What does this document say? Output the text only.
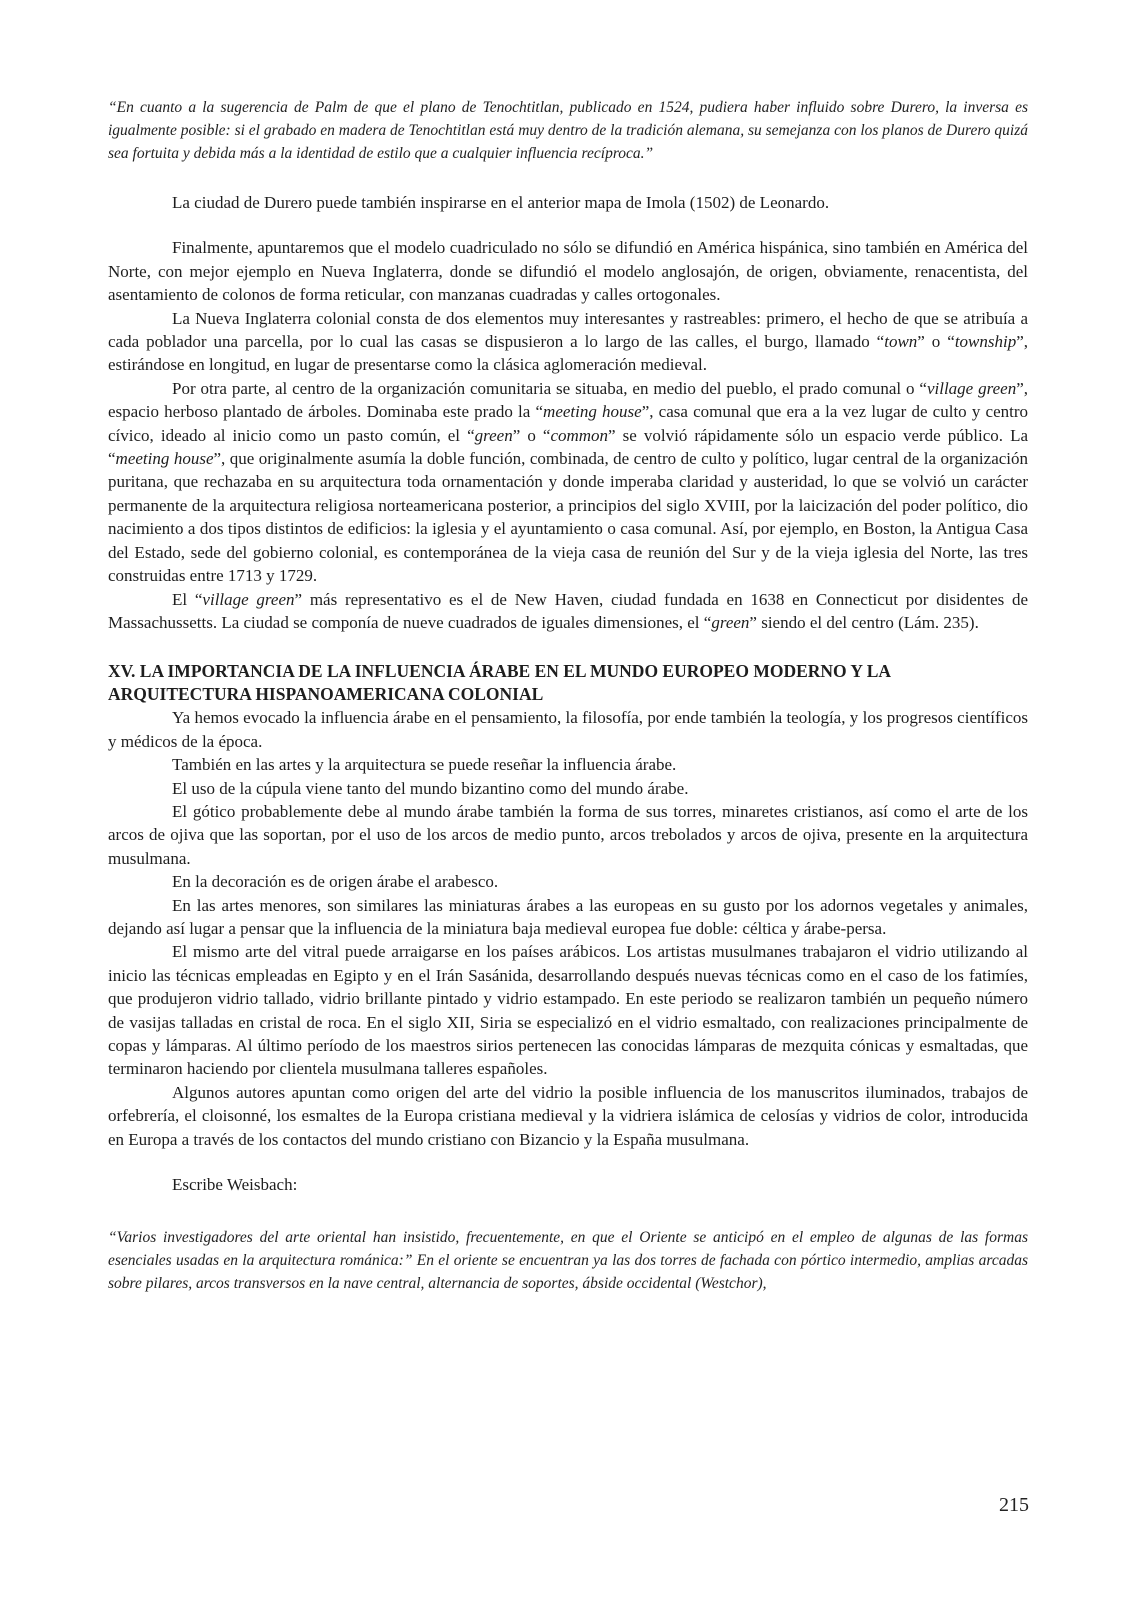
“En cuanto a la sugerencia de Palm de que el plano de Tenochtitlan, publicado en 1524, pudiera haber influido sobre Durero, la inversa es igualmente posible: si el grabado en madera de Tenochtitlan está muy dentro de la tradición alemana, su semejanza con los planos de Durero quizá sea fortuita y debida más a la identidad de estilo que a cualquier influencia recíproca.”

La ciudad de Durero puede también inspirarse en el anterior mapa de Imola (1502) de Leonardo.

Finalmente, apuntaremos que el modelo cuadriculado no sólo se difundió en América hispánica, sino también en América del Norte, con mejor ejemplo en Nueva Inglaterra, donde se difundió el modelo anglosajón, de origen, obviamente, renacentista, del asentamiento de colonos de forma reticular, con manzanas cuadradas y calles ortogonales.

La Nueva Inglaterra colonial consta de dos elementos muy interesantes y rastreables: primero, el hecho de que se atribuía a cada poblador una parcella, por lo cual las casas se dispusieron a lo largo de las calles, el burgo, llamado “town” o “township”, estirándose en longitud, en lugar de presentarse como la clásica aglomeración medieval.

Por otra parte, al centro de la organización comunitaria se situaba, en medio del pueblo, el prado comunal o “village green”, espacio herboso plantado de árboles. Dominaba este prado la “meeting house”, casa comunal que era a la vez lugar de culto y centro cívico, ideado al inicio como un pasto común, el “green” o “common” se volvió rápidamente sólo un espacio verde público. La “meeting house”, que originalmente asumía la doble función, combinada, de centro de culto y político, lugar central de la organización puritana, que rechazaba en su arquitectura toda ornamentación y donde imperaba claridad y austeridad, lo que se volvió un carácter permanente de la arquitectura religiosa norteamericana posterior, a principios del siglo XVIII, por la laicización del poder político, dio nacimiento a dos tipos distintos de edificios: la iglesia y el ayuntamiento o casa comunal. Así, por ejemplo, en Boston, la Antigua Casa del Estado, sede del gobierno colonial, es contemporánea de la vieja casa de reunión del Sur y de la vieja iglesia del Norte, las tres construidas entre 1713 y 1729.

El “village green” más representativo es el de New Haven, ciudad fundada en 1638 en Connecticut por disidentes de Massachussetts. La ciudad se componía de nueve cuadrados de iguales dimensiones, el “green” siendo el del centro (Lám. 235).

XV. LA IMPORTANCIA DE LA INFLUENCIA ÁRABE EN EL MUNDO EUROPEO MODERNO Y LA ARQUITECTURA HISPANOAMERICANA COLONIAL

Ya hemos evocado la influencia árabe en el pensamiento, la filosofía, por ende también la teología, y los progresos científicos y médicos de la época.

También en las artes y la arquitectura se puede reseñar la influencia árabe.

El uso de la cúpula viene tanto del mundo bizantino como del mundo árabe.

El gótico probablemente debe al mundo árabe también la forma de sus torres, minaretes cristianos, así como el arte de los arcos de ojiva que las soportan, por el uso de los arcos de medio punto, arcos trebolados y arcos de ojiva, presente en la arquitectura musulmana.

En la decoración es de origen árabe el arabesco.

En las artes menores, son similares las miniaturas árabes a las europeas en su gusto por los adornos vegetales y animales, dejando así lugar a pensar que la influencia de la miniatura baja medieval europea fue doble: céltica y árabe-persa.

El mismo arte del vitral puede arraigarse en los países arábicos. Los artistas musulmanes trabajaron el vidrio utilizando al inicio las técnicas empleadas en Egipto y en el Irán Sasánida, desarrollando después nuevas técnicas como en el caso de los fatimíes, que produjeron vidrio tallado, vidrio brillante pintado y vidrio estampado. En este periodo se realizaron también un pequeño número de vasijas talladas en cristal de roca. En el siglo XII, Siria se especializó en el vidrio esmaltado, con realizaciones principalmente de copas y lámparas. Al último período de los maestros sirios pertenecen las conocidas lámparas de mezquita cónicas y esmaltadas, que terminaron haciendo por clientela musulmana talleres españoles.

Algunos autores apuntan como origen del arte del vidrio la posible influencia de los manuscritos iluminados, trabajos de orfebrería, el cloisonné, los esmaltes de la Europa cristiana medieval y la vidriera islámica de celosías y vidrios de color, introducida en Europa a través de los contactos del mundo cristiano con Bizancio y la España musulmana.

Escribe Weisbach:

“Varios investigadores del arte oriental han insistido, frecuentemente, en que el Oriente se anticipó en el empleo de algunas de las formas esenciales usadas en la arquitectura románica:” En el oriente se encuentran ya las dos torres de fachada con pórtico intermedio, amplias arcadas sobre pilares, arcos transversos en la nave central, alternancia de soportes, ábside occidental (Westchor),

215
